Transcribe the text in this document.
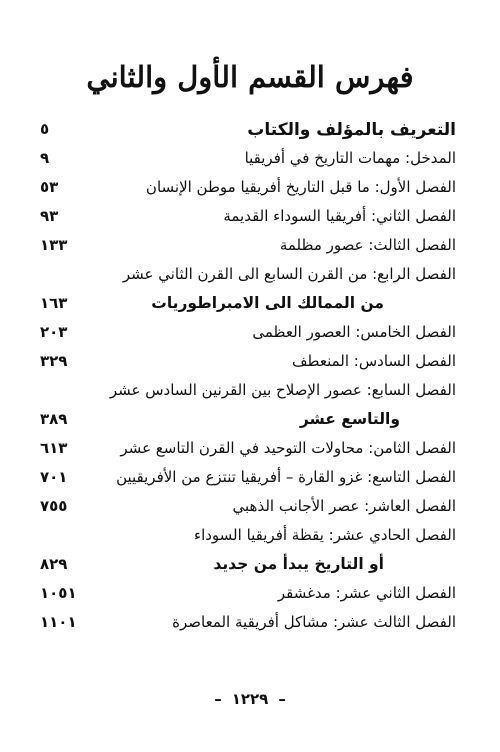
فهرس القسم الأول والثاني
التعريف بالمؤلف والكتاب
٥
المدخل: مهمات التاريخ في أفريقيا
٩
الفصل الأول: ما قبل التاريخ أفريقيا موطن الإنسان
٥٣
الفصل الثاني: أفريقيا السوداء القديمة
٩٣
الفصل الثالث: عصور مظلمة
١٣٣
الفصل الرابع: من القرن السابع الى القرن الثاني عشر
من الممالك الى الامبراطوريات
١٦٣
الفصل الخامس: العصور العظمى
٢٠٣
الفصل السادس: المنعطف
٣٢٩
الفصل السابع: عصور الإصلاح بين القرنين السادس عشر
والتاسع عشر
٣٨٩
الفصل الثامن: محاولات التوحيد في القرن التاسع عشر
٦١٣
الفصل التاسع: غزو القارة – أفريقيا تنتزع من الأفريقيين
٧٠١
الفصل العاشر: عصر الأجانب الذهبي
٧٥٥
الفصل الحادي عشر: يقظة أفريقيا السوداء
أو التاريخ يبدأ من جديد
٨٢٩
الفصل الثاني عشر: مدغشقر
١٠٥١
الفصل الثالث عشر: مشاكل أفريقية المعاصرة
١١٠١
–١٢٢٩–
